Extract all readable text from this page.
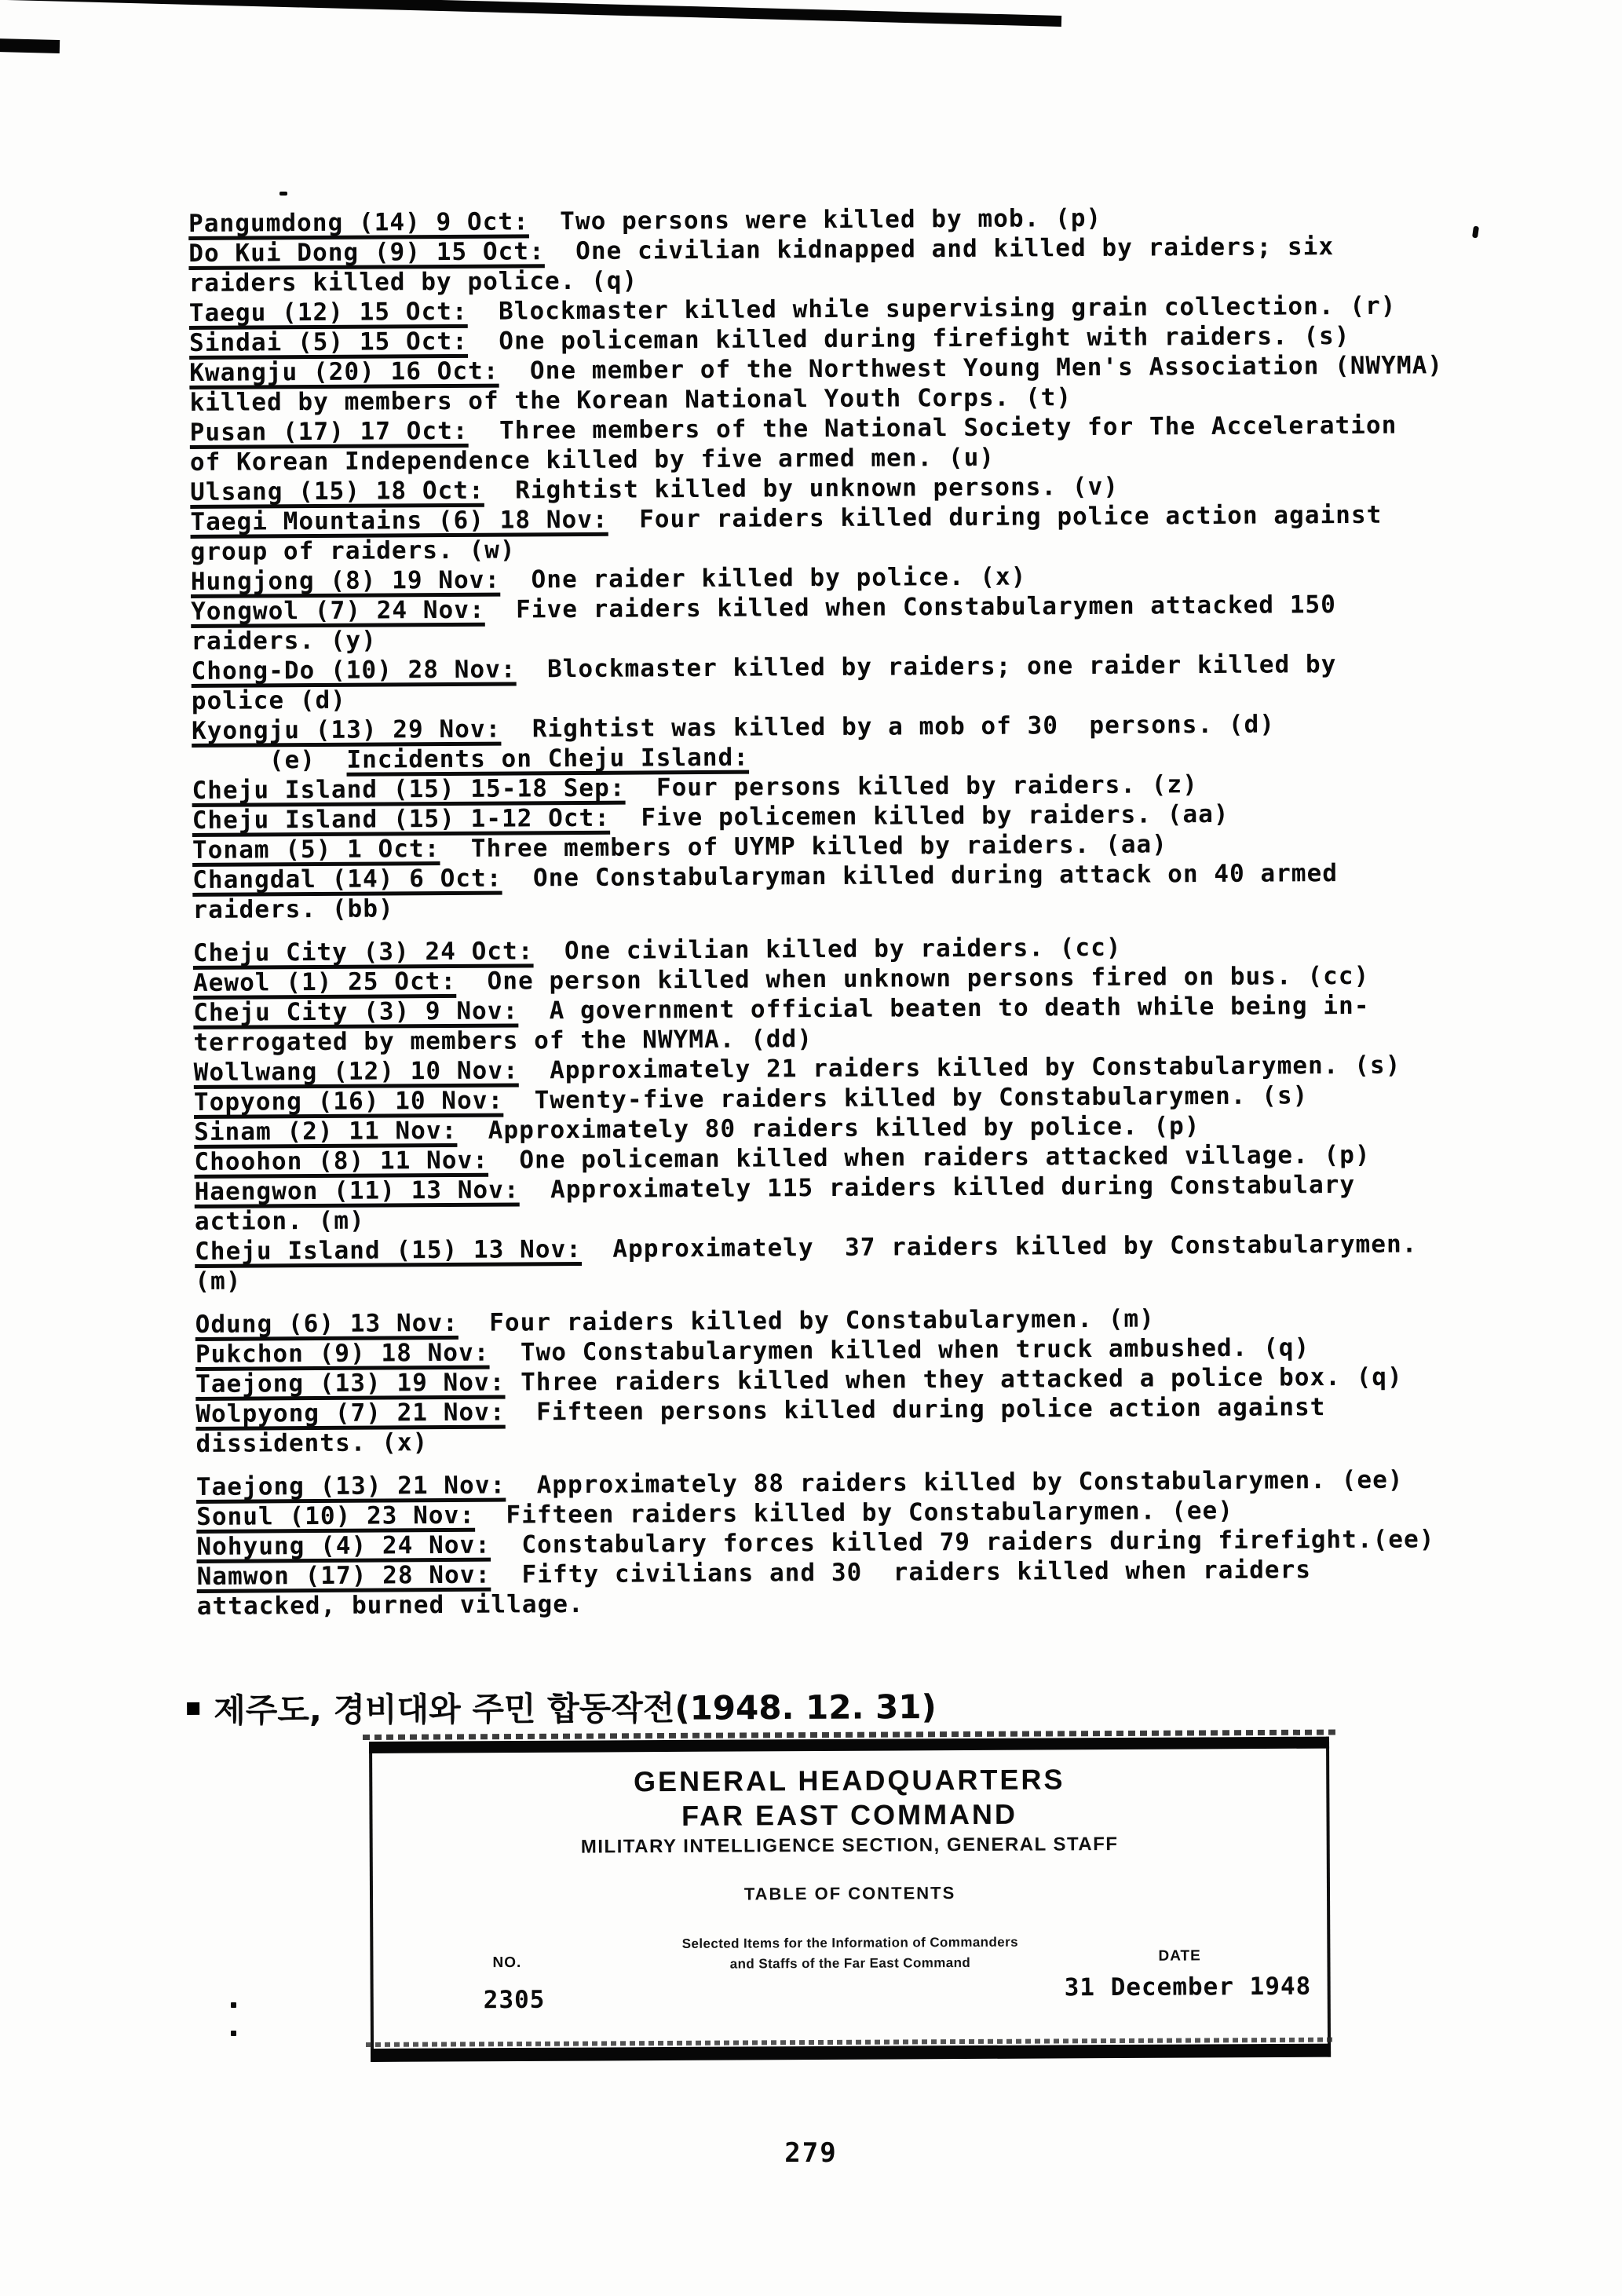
Pangumdong (14) 9 Oct:  Two persons were killed by mob. (p)
Do Kui Dong (9) 15 Oct:  One civilian kidnapped and killed by raiders; six
raiders killed by police. (q)
Taegu (12) 15 Oct:  Blockmaster killed while supervising grain collection. (r)
Sindai (5) 15 Oct:  One policeman killed during firefight with raiders. (s)
Kwangju (20) 16 Oct:  One member of the Northwest Young Men's Association (NWYMA)
killed by members of the Korean National Youth Corps. (t)
Pusan (17) 17 Oct:  Three members of the National Society for The Acceleration
of Korean Independence killed by five armed men. (u)
Ulsang (15) 18 Oct:  Rightist killed by unknown persons. (v)
Taegi Mountains (6) 18 Nov:  Four raiders killed during police action against
group of raiders. (w)
Hungjong (8) 19 Nov:  One raider killed by police. (x)
Yongwol (7) 24 Nov:  Five raiders killed when Constabularymen attacked 150
raiders. (y)
Chong-Do (10) 28 Nov:  Blockmaster killed by raiders; one raider killed by
police (d)
Kyongju (13) 29 Nov:  Rightist was killed by a mob of 30  persons. (d)
(e)  Incidents on Cheju Island:
Cheju Island (15) 15-18 Sep:  Four persons killed by raiders. (z)
Cheju Island (15) 1-12 Oct:  Five policemen killed by raiders. (aa)
Tonam (5) 1 Oct:  Three members of UYMP killed by raiders. (aa)
Changdal (14) 6 Oct:  One Constabularyman killed during attack on 40 armed
raiders. (bb)
Cheju City (3) 24 Oct:  One civilian killed by raiders. (cc)
Aewol (1) 25 Oct:  One person killed when unknown persons fired on bus. (cc)
Cheju City (3) 9 Nov:  A government official beaten to death while being in-
terrogated by members of the NWYMA. (dd)
Wollwang (12) 10 Nov:  Approximately 21 raiders killed by Constabularymen. (s)
Topyong (16) 10 Nov:  Twenty-five raiders killed by Constabularymen. (s)
Sinam (2) 11 Nov:  Approximately 80 raiders killed by police. (p)
Choohon (8) 11 Nov:  One policeman killed when raiders attacked village. (p)
Haengwon (11) 13 Nov:  Approximately 115 raiders killed during Constabulary
action. (m)
Cheju Island (15) 13 Nov:  Approximately  37 raiders killed by Constabularymen.
(m)
Odung (6) 13 Nov:  Four raiders killed by Constabularymen. (m)
Pukchon (9) 18 Nov:  Two Constabularymen killed when truck ambushed. (q)
Taejong (13) 19 Nov: Three raiders killed when they attacked a police box. (q)
Wolpyong (7) 21 Nov:  Fifteen persons killed during police action against
dissidents. (x)
Taejong (13) 21 Nov:  Approximately 88 raiders killed by Constabularymen. (ee)
Sonul (10) 23 Nov:  Fifteen raiders killed by Constabularymen. (ee)
Nohyung (4) 24 Nov:  Constabulary forces killed 79 raiders during firefight.(ee)
Namwon (17) 28 Nov:  Fifty civilians and 30  raiders killed when raiders
attacked, burned village.
제주도, 경비대와 주민 합동작전(1948. 12. 31)
GENERAL HEADQUARTERS
FAR EAST COMMAND
MILITARY INTELLIGENCE SECTION, GENERAL STAFF
TABLE OF CONTENTS
Selected Items for the Information of Commanders
and Staffs of the Far East Command
NO.	DATE
2305	31 December 1948
279
